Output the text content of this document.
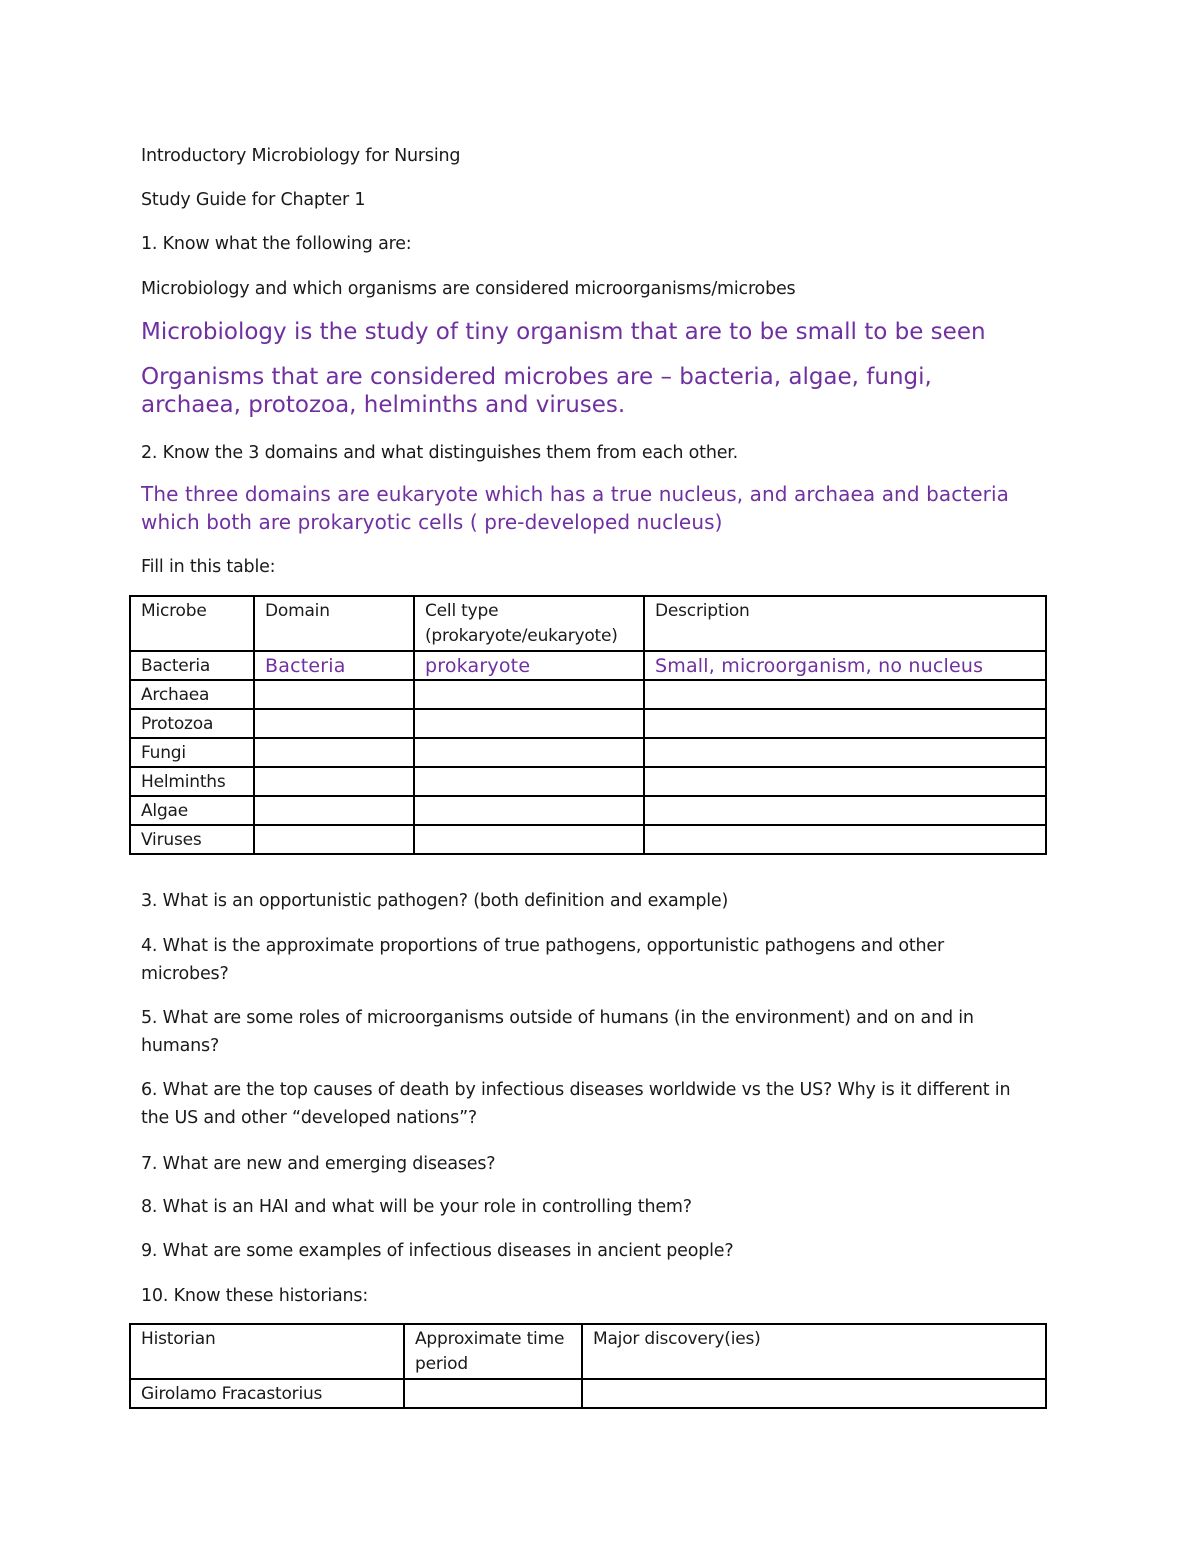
Introductory Microbiology for Nursing
Study Guide for Chapter 1
1. Know what the following are:
Microbiology and which organisms are considered microorganisms/microbes
Microbiology is the study of tiny organism that are to be small to be seen
Organisms that are considered microbes are – bacteria, algae, fungi, archaea, protozoa, helminths and viruses.
2. Know the 3 domains and what distinguishes them from each other.
The three domains are eukaryote which has a true nucleus, and archaea and bacteria which both are prokaryotic cells ( pre-developed nucleus)
Fill in this table:
Microbe	Domain	Cell type (prokaryote/eukaryote)	Description
Bacteria	Bacteria	prokaryote	Small, microorganism, no nucleus
Archaea			
Protozoa			
Fungi			
Helminths			
Algae			
Viruses			
3. What is an opportunistic pathogen? (both definition and example)
4. What is the approximate proportions of true pathogens, opportunistic pathogens and other microbes?
5. What are some roles of microorganisms outside of humans (in the environment) and on and in humans?
6. What are the top causes of death by infectious diseases worldwide vs the US? Why is it different in the US and other “developed nations”?
7. What are new and emerging diseases?
8. What is an HAI and what will be your role in controlling them?
9. What are some examples of infectious diseases in ancient people?
10. Know these historians:
Historian	Approximate time period	Major discovery(ies)
Girolamo Fracastorius		
